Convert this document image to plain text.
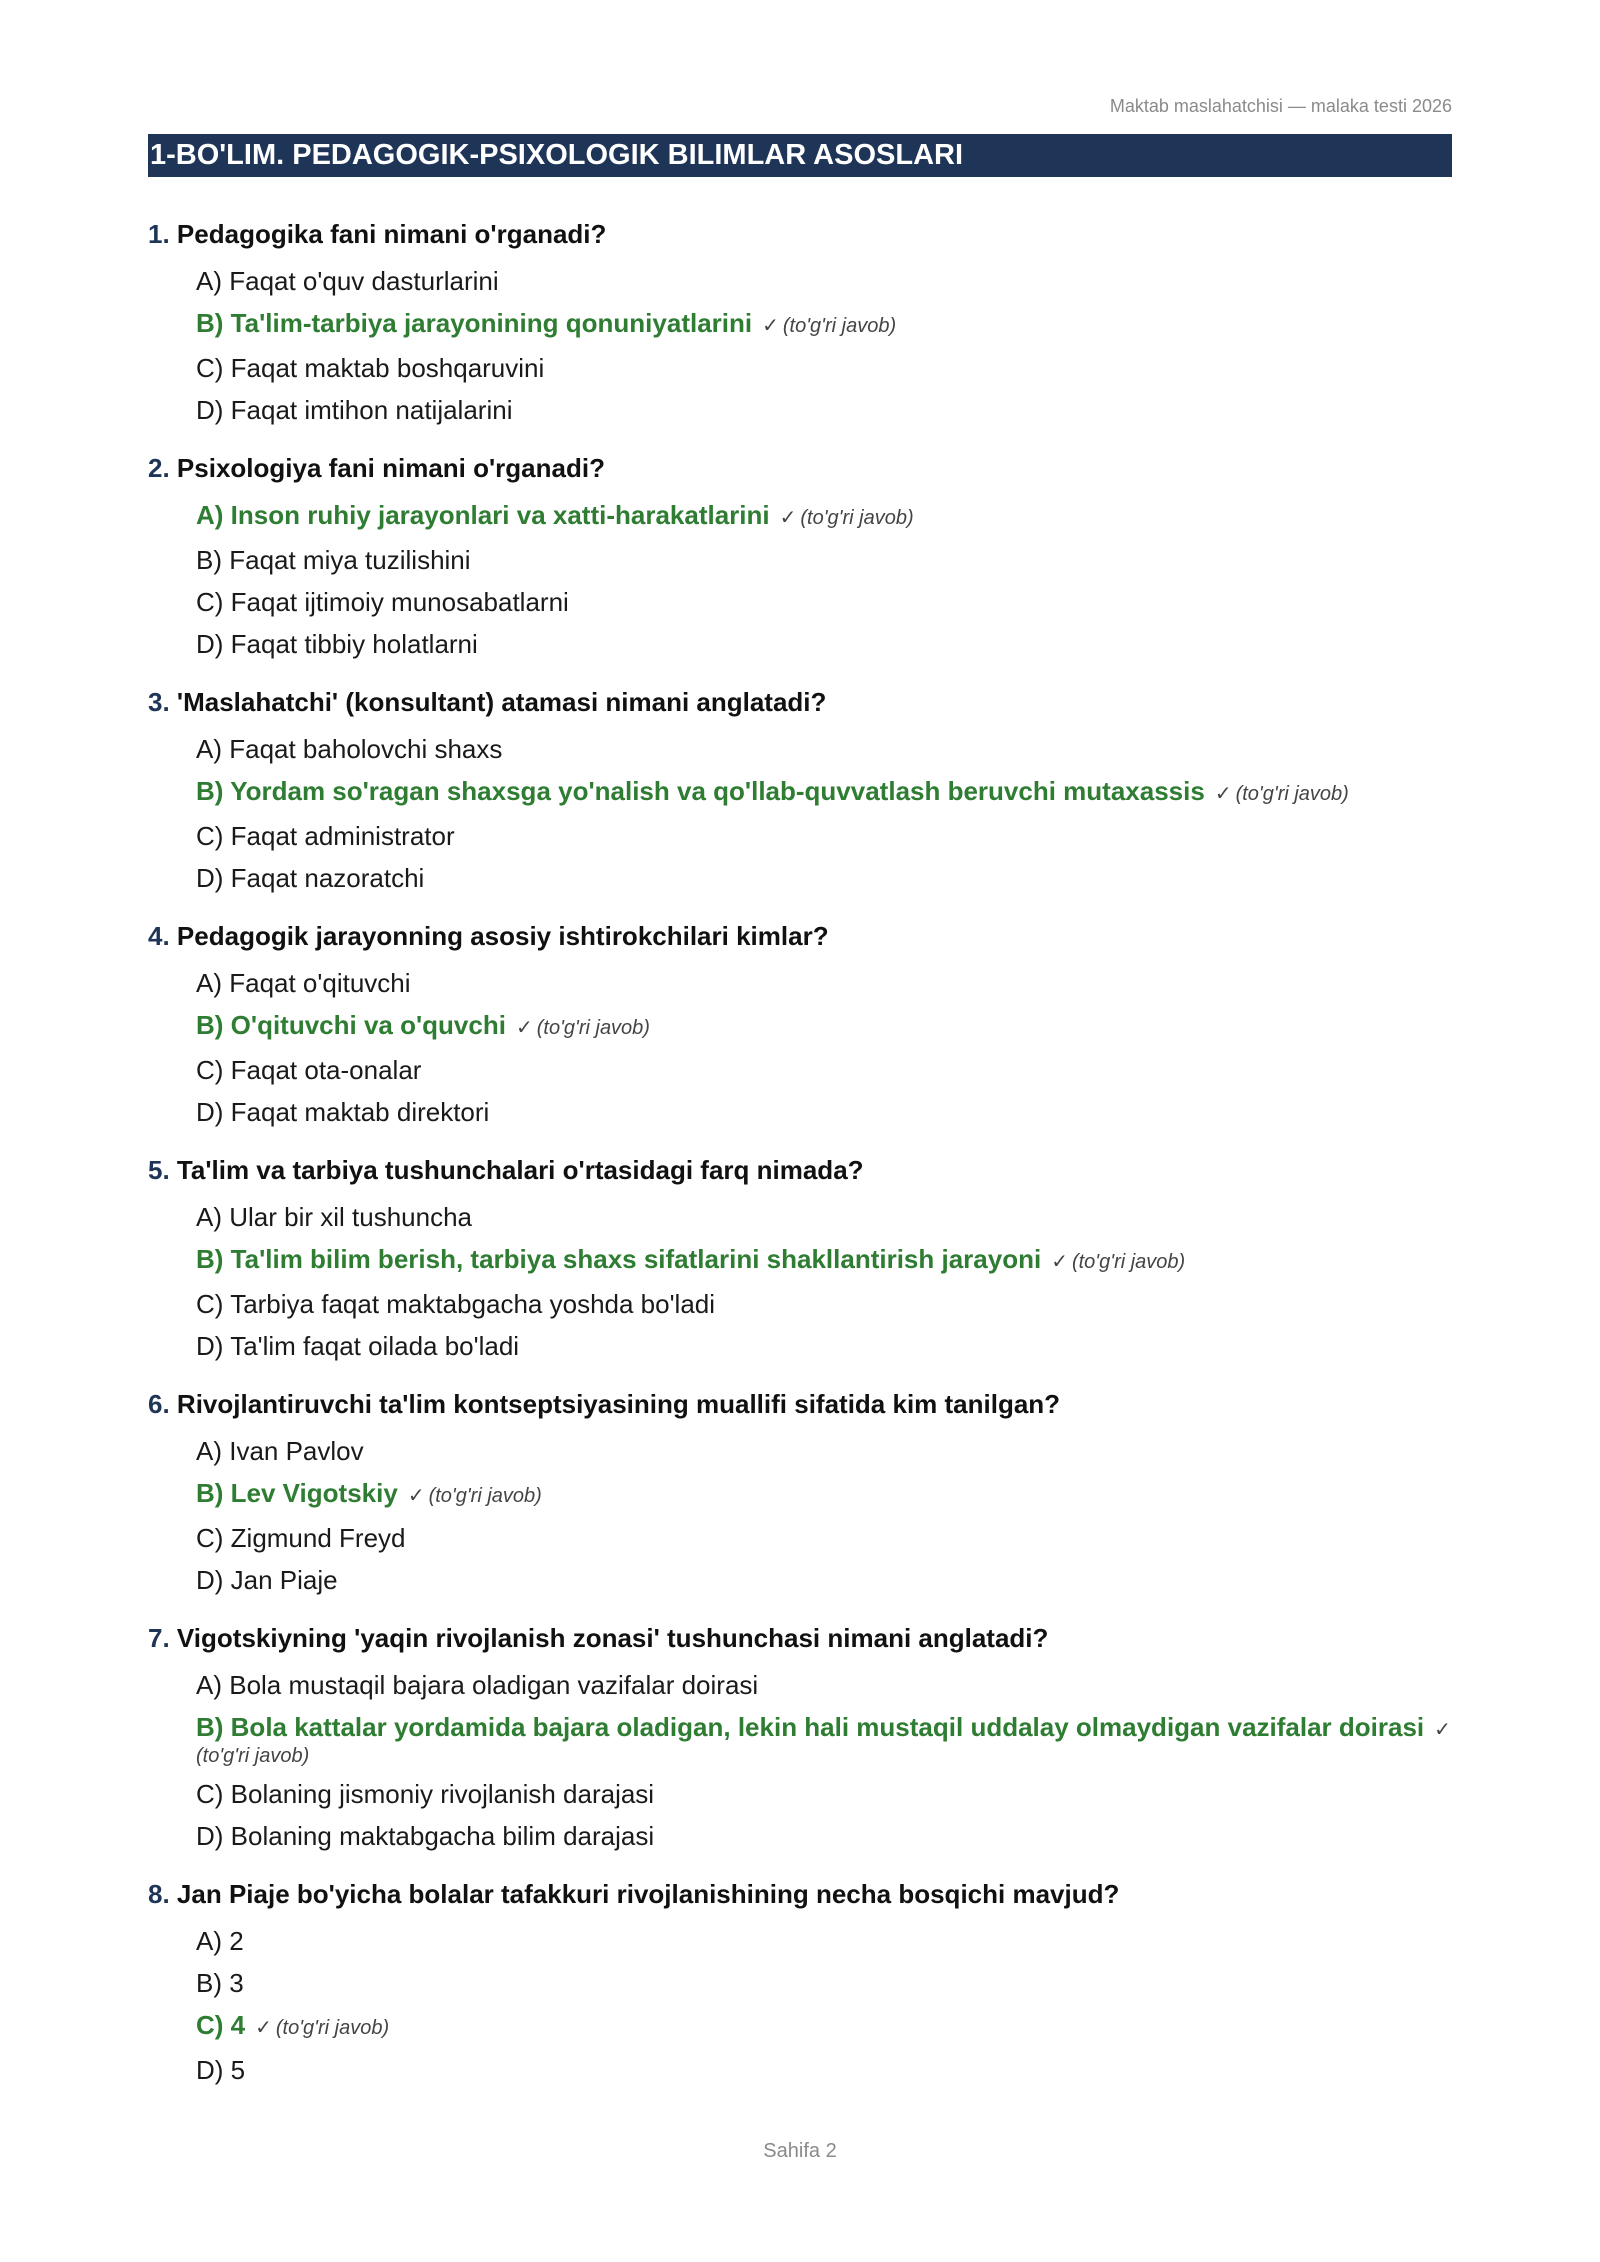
Maktab maslahatchisi — malaka testi 2026
1-BO'LIM. PEDAGOGIK-PSIXOLOGIK BILIMLAR ASOSLARI
1. Pedagogika fani nimani o'rganadi?
A) Faqat o'quv dasturlarini
B) Ta'lim-tarbiya jarayonining qonuniyatlarini ✓ (to'g'ri javob)
C) Faqat maktab boshqaruvini
D) Faqat imtihon natijalarini
2. Psixologiya fani nimani o'rganadi?
A) Inson ruhiy jarayonlari va xatti-harakatlarini ✓ (to'g'ri javob)
B) Faqat miya tuzilishini
C) Faqat ijtimoiy munosabatlarni
D) Faqat tibbiy holatlarni
3. 'Maslahatchi' (konsultant) atamasi nimani anglatadi?
A) Faqat baholovchi shaxs
B) Yordam so'ragan shaxsga yo'nalish va qo'llab-quvvatlash beruvchi mutaxassis ✓ (to'g'ri javob)
C) Faqat administrator
D) Faqat nazoratchi
4. Pedagogik jarayonning asosiy ishtirokchilari kimlar?
A) Faqat o'qituvchi
B) O'qituvchi va o'quvchi ✓ (to'g'ri javob)
C) Faqat ota-onalar
D) Faqat maktab direktori
5. Ta'lim va tarbiya tushunchalari o'rtasidagi farq nimada?
A) Ular bir xil tushuncha
B) Ta'lim bilim berish, tarbiya shaxs sifatlarini shakllantirish jarayoni ✓ (to'g'ri javob)
C) Tarbiya faqat maktabgacha yoshda bo'ladi
D) Ta'lim faqat oilada bo'ladi
6. Rivojlantiruvchi ta'lim kontseptsiyasining muallifi sifatida kim tanilgan?
A) Ivan Pavlov
B) Lev Vigotskiy ✓ (to'g'ri javob)
C) Zigmund Freyd
D) Jan Piaje
7. Vigotskiyning 'yaqin rivojlanish zonasi' tushunchasi nimani anglatadi?
A) Bola mustaqil bajara oladigan vazifalar doirasi
B) Bola kattalar yordamida bajara oladigan, lekin hali mustaqil uddalay olmaydigan vazifalar doirasi ✓
(to'g'ri javob)
C) Bolaning jismoniy rivojlanish darajasi
D) Bolaning maktabgacha bilim darajasi
8. Jan Piaje bo'yicha bolalar tafakkuri rivojlanishining necha bosqichi mavjud?
A) 2
B) 3
C) 4 ✓ (to'g'ri javob)
D) 5
Sahifa 2
